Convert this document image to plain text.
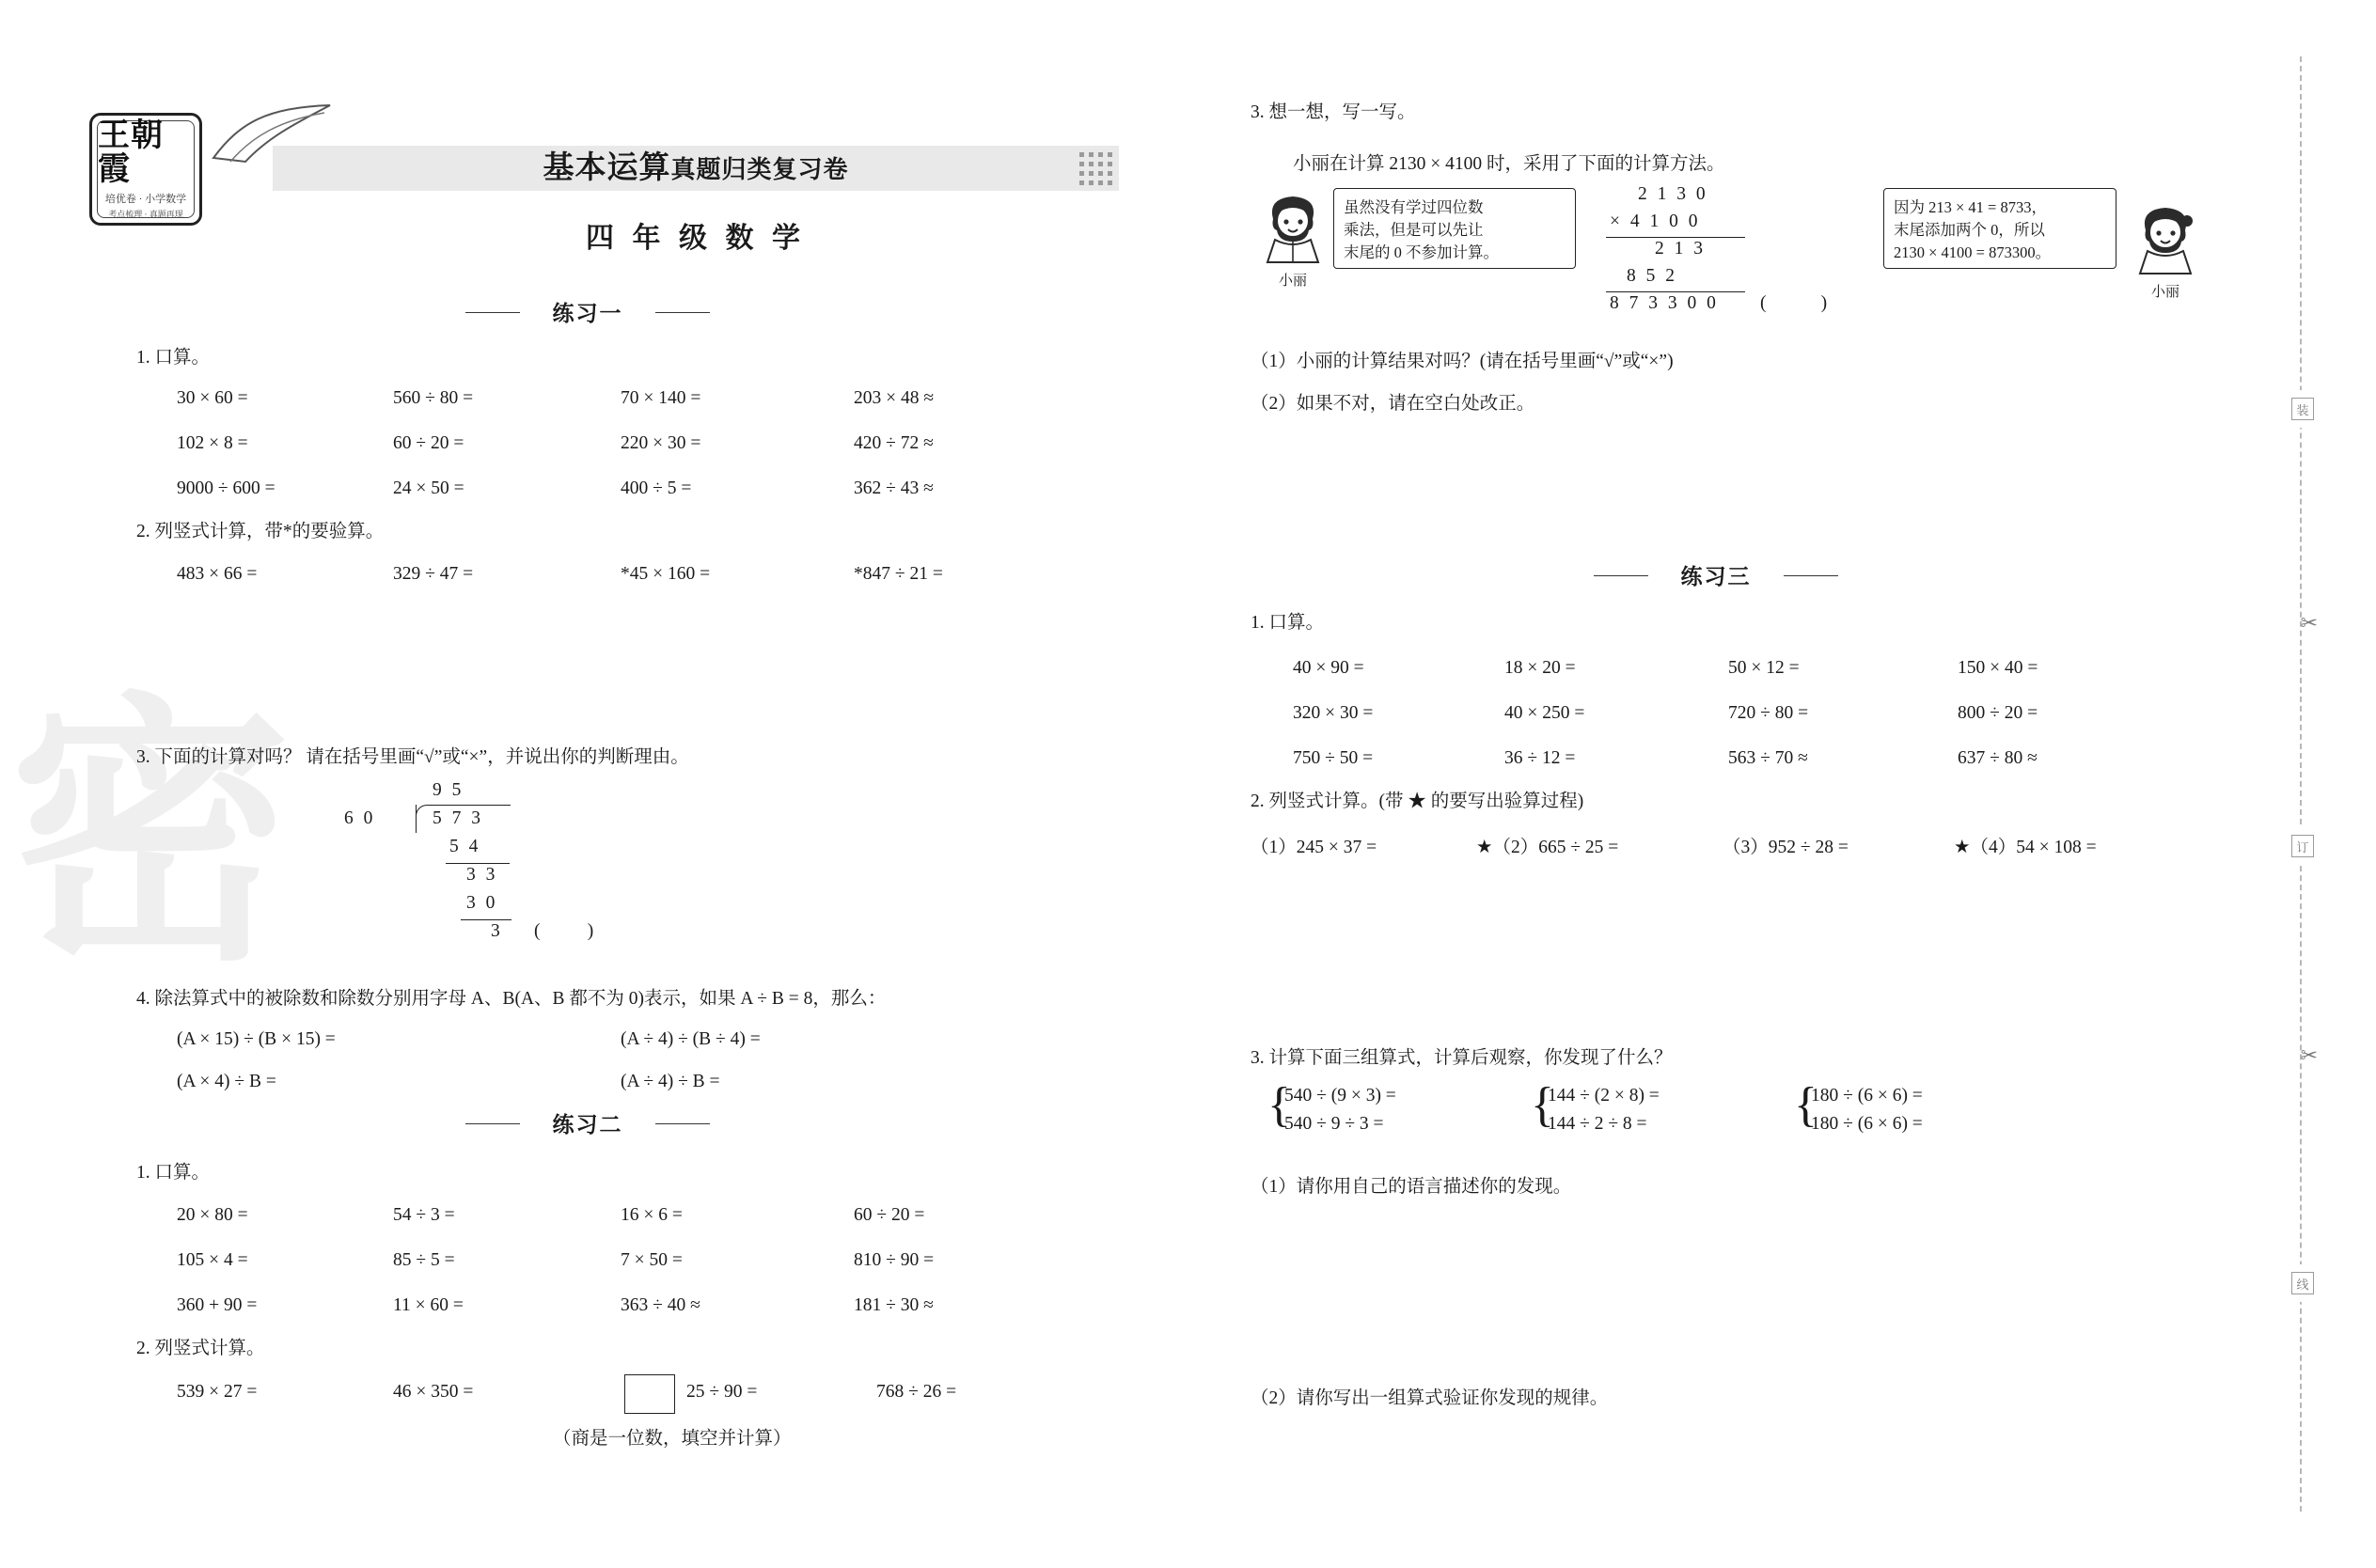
密
王朝霞
培优卷 · 小学数学
考点梳理 · 真题再现
基本运算真题归类复习卷
四 年 级 数 学
练习一
1. 口算。
30 × 60 =	560 ÷ 80 =	70 × 140 =	203 × 48 ≈
102 × 8 =	60 ÷ 20 =	220 × 30 =	420 ÷ 72 ≈
9000 ÷ 600 =	24 × 50 =	400 ÷ 5 =	362 ÷ 43 ≈
2. 列竖式计算，带*的要验算。
483 × 66 =	329 ÷ 47 =	*45 × 160 =	*847 ÷ 21 =
3. 下面的计算对吗？ 请在括号里画“√”或“×”，并说出你的判断理由。
9 5
6 0	5 7 3
5 4
3 3
3 0
3 (      )
4. 除法算式中的被除数和除数分别用字母 A、B(A、B 都不为 0)表示，如果 A ÷ B = 8，那么：
(A × 15) ÷ (B × 15) =	(A ÷ 4) ÷ (B ÷ 4) =
(A × 4) ÷ B =	(A ÷ 4) ÷ B =
练习二
1. 口算。
20 × 80 =	54 ÷ 3 =	16 × 6 =	60 ÷ 20 =
105 × 4 =	85 ÷ 5 =	7 × 50 =	810 ÷ 90 =
360 + 90 =	11 × 60 =	363 ÷ 40 ≈	181 ÷ 30 ≈
2. 列竖式计算。
539 × 27 =	46 × 350 =	25 ÷ 90 =	768 ÷ 26 =
（商是一位数，填空并计算）
3. 想一想，写一写。
小丽在计算 2130 × 4100 时，采用了下面的计算方法。
小丽
虽然没有学过四位数
乘法，但是可以先让
末尾的 0 不参加计算。
2 1 3 0
× 4 1 0 0
2 1 3
8 5 2
8 7 3 3 0 0 (       )
因为 213 × 41 = 8733，
末尾添加两个 0，所以
2130 × 4100 = 873300。
小丽
（1）小丽的计算结果对吗？(请在括号里画“√”或“×”)
（2）如果不对，请在空白处改正。
练习三
1. 口算。
40 × 90 =	18 × 20 =	50 × 12 =	150 × 40 =
320 × 30 =	40 × 250 =	720 ÷ 80 =	800 ÷ 20 =
750 ÷ 50 =	36 ÷ 12 =	563 ÷ 70 ≈	637 ÷ 80 ≈
2. 列竖式计算。(带 ★ 的要写出验算过程)
（1）245 × 37 =	★（2）665 ÷ 25 =	（3）952 ÷ 28 =	★（4）54 × 108 =
3. 计算下面三组算式，计算后观察，你发现了什么？
{
540 ÷ (9 × 3) =
540 ÷ 9 ÷ 3 =	{
144 ÷ (2 × 8) =
144 ÷ 2 ÷ 8 =	{
180 ÷ (6 × 6) =
180 ÷ (6 × 6) =
（1）请你用自己的语言描述你的发现。
（2）请你写出一组算式验证你发现的规律。
装
✂
订
✂
线
